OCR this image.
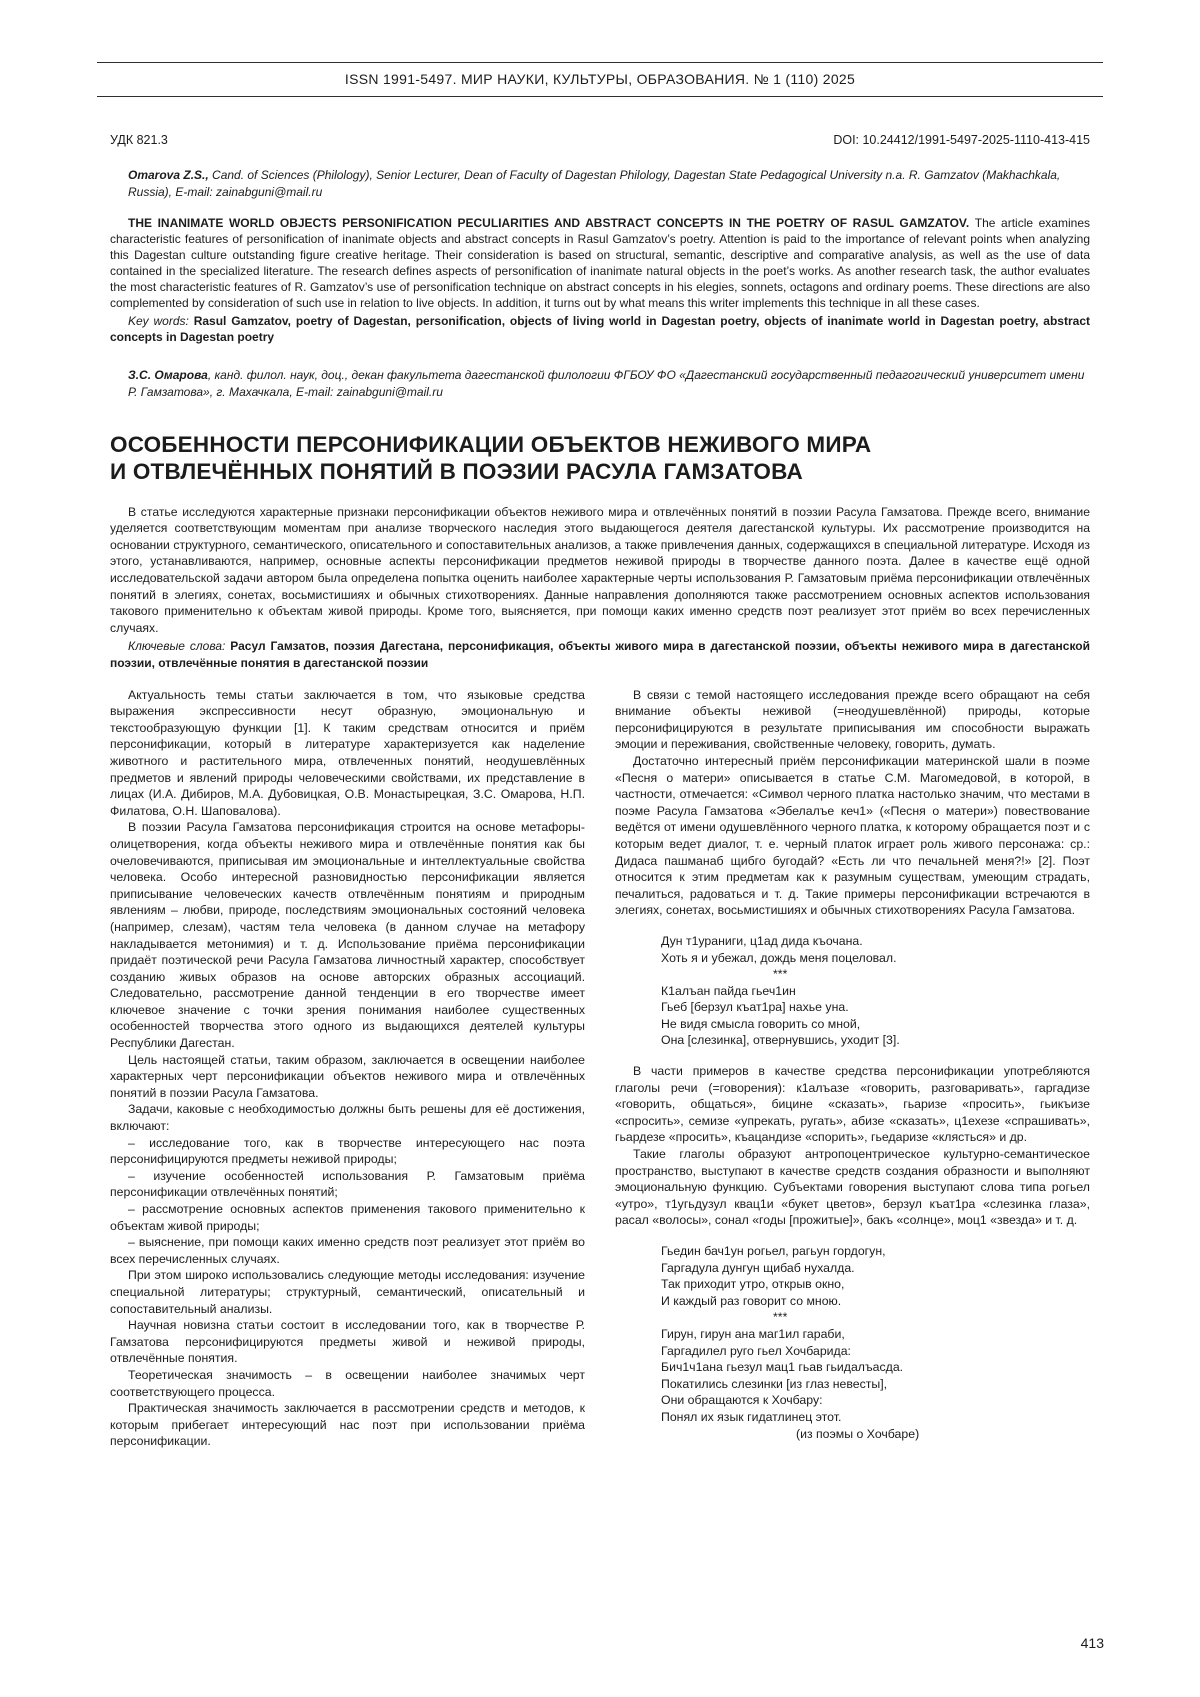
ISSN 1991-5497. МИР НАУКИ, КУЛЬТУРЫ, ОБРАЗОВАНИЯ. № 1 (110) 2025
УДК 821.3	DOI: 10.24412/1991-5497-2025-1110-413-415

Omarova Z.S., Cand. of Sciences (Philology), Senior Lecturer, Dean of Faculty of Dagestan Philology, Dagestan State Pedagogical University n.a. R. Gamzatov (Makhachkala, Russia), E-mail: zainabguni@mail.ru

THE INANIMATE WORLD OBJECTS PERSONIFICATION PECULIARITIES AND ABSTRACT CONCEPTS IN THE POETRY OF RASUL GAMZATOV. The article examines characteristic features of personification of inanimate objects and abstract concepts in Rasul Gamzatov’s poetry. Attention is paid to the importance of relevant points when analyzing this Dagestan culture outstanding figure creative heritage. Their consideration is based on structural, semantic, descriptive and comparative analysis, as well as the use of data contained in the specialized literature. The research defines aspects of personification of inanimate natural objects in the poet’s works. As another research task, the author evaluates the most characteristic features of R. Gamzatov’s use of personification technique on abstract concepts in his elegies, sonnets, octagons and ordinary poems. These directions are also complemented by consideration of such use in relation to live objects. In addition, it turns out by what means this writer implements this technique in all these cases.

Key words: Rasul Gamzatov, poetry of Dagestan, personification, objects of living world in Dagestan poetry, objects of inanimate world in Dagestan poetry, abstract concepts in Dagestan poetry

З.С. Омарова, канд. филол. наук, доц., декан факультета дагестанской филологии ФГБОУ ФО «Дагестанский государственный педагогический университет имени Р. Гамзатова», г. Махачкала, E-mail: zainabguni@mail.ru

ОСОБЕННОСТИ ПЕРСОНИФИКАЦИИ ОБЪЕКТОВ НЕЖИВОГО МИРА
И ОТВЛЕЧЁННЫХ ПОНЯТИЙ В ПОЭЗИИ РАСУЛА ГАМЗАТОВА

В статье исследуются характерные признаки персонификации объектов неживого мира и отвлечённых понятий в поэзии Расула Гамзатова. Прежде всего, внимание уделяется соответствующим моментам при анализе творческого наследия этого выдающегося деятеля дагестанской культуры. Их рассмотрение производится на основании структурного, семантического, описательного и сопоставительных анализов, а также привлечения данных, содержащихся в специальной литературе. Исходя из этого, устанавливаются, например, основные аспекты персонификации предметов неживой природы в творчестве данного поэта. Далее в качестве ещё одной исследовательской задачи автором была определена попытка оценить наиболее характерные черты использования Р. Гамзатовым приёма персонификации отвлечённых понятий в элегиях, сонетах, восьмистишиях и обычных стихотворениях. Данные направления дополняются также рассмотрением основных аспектов использования такового применительно к объектам живой природы. Кроме того, выясняется, при помощи каких именно средств поэт реализует этот приём во всех перечисленных случаях.

Ключевые слова: Расул Гамзатов, поэзия Дагестана, персонификация, объекты живого мира в дагестанской поэзии, объекты неживого мира в дагестанской поэзии, отвлечённые понятия в дагестанской поэзии

Актуальность темы статьи заключается в том, что языковые средства выражения экспрессивности несут образную, эмоциональную и текстообразующую функции [1]. К таким средствам относится и приём персонификации, который в литературе характеризуется как наделение животного и растительного мира, отвлеченных понятий, неодушевлённых предметов и явлений природы человеческими свойствами, их представление в лицах (И.А. Дибиров, М.А. Дубовицкая, О.В. Монастырецкая, З.С. Омарова, Н.П. Филатова, О.Н. Шаповалова).

В поэзии Расула Гамзатова персонификация строится на основе метафоры-олицетворения, когда объекты неживого мира и отвлечённые понятия как бы очеловечиваются, приписывая им эмоциональные и интеллектуальные свойства человека. Особо интересной разновидностью персонификации является приписывание человеческих качеств отвлечённым понятиям и природным явлениям – любви, природе, последствиям эмоциональных состояний человека (например, слезам), частям тела человека (в данном случае на метафору накладывается метонимия) и т. д. Использование приёма персонификации придаёт поэтической речи Расула Гамзатова личностный характер, способствует созданию живых образов на основе авторских образных ассоциаций. Следовательно, рассмотрение данной тенденции в его творчестве имеет ключевое значение с точки зрения понимания наиболее существенных особенностей творчества этого одного из выдающихся деятелей культуры Республики Дагестан.

Цель настоящей статьи, таким образом, заключается в освещении наиболее характерных черт персонификации объектов неживого мира и отвлечённых понятий в поэзии Расула Гамзатова.

Задачи, каковые с необходимостью должны быть решены для её достижения, включают:

– исследование того, как в творчестве интересующего нас поэта персонифицируются предметы неживой природы;

– изучение особенностей использования Р. Гамзатовым приёма персонификации отвлечённых понятий;

– рассмотрение основных аспектов применения такового применительно к объектам живой природы;

– выяснение, при помощи каких именно средств поэт реализует этот приём во всех перечисленных случаях.

При этом широко использовались следующие методы исследования: изучение специальной литературы; структурный, семантический, описательный и сопоставительный анализы.

Научная новизна статьи состоит в исследовании того, как в творчестве Р. Гамзатова персонифицируются предметы живой и неживой природы, отвлечённые понятия.

Теоретическая значимость – в освещении наиболее значимых черт соответствующего процесса.

Практическая значимость заключается в рассмотрении средств и методов, к которым прибегает интересующий нас поэт при использовании приёма персонификации.

В связи с темой настоящего исследования прежде всего обращают на себя внимание объекты неживой (=неодушевлённой) природы, которые персонифицируются в результате приписывания им способности выражать эмоции и переживания, свойственные человеку, говорить, думать.

Достаточно интересный приём персонификации материнской шали в поэме «Песня о матери» описывается в статье С.М. Магомедовой, в которой, в частности, отмечается: «Символ черного платка настолько значим, что местами в поэме Расула Гамзатова «Эбелалъе кеч1» («Песня о матери») повествование ведётся от имени одушевлённого черного платка, к которому обращается поэт и с которым ведет диалог, т. е. черный платок играет роль живого персонажа: ср.: Дидаса пашманаб щибго бугодай? «Есть ли что печальней меня?!» [2]. Поэт относится к этим предметам как к разумным существам, умеющим страдать, печалиться, радоваться и т. д. Такие примеры персонификации встречаются в элегиях, сонетах, восьмистишиях и обычных стихотворениях Расула Гамзатова.

Дун т1ураниги, ц1ад дида къочана.
Хоть я и убежал, дождь меня поцеловал.
***
К1алъан пайда гьеч1ин
Гьеб [берзул къат1ра] нахье уна.
Не видя смысла говорить со мной,
Она [слезинка], отвернувшись, уходит [3].

В части примеров в качестве средства персонификации употребляются глаголы речи (=говорения): к1алъазе «говорить, разговаривать», гаргадизе «говорить, общаться», бицине «сказать», гьаризе «просить», гьикъизе «спросить», семизе «упрекать, ругать», абизе «сказать», ц1ехезе «спрашивать», гьардезе «просить», къацандизе «спорить», гьедаризе «клясться» и др.

Такие глаголы образуют антропоцентрическое культурно-семантическое пространство, выступают в качестве средств создания образности и выполняют эмоциональную функцию. Субъектами говорения выступают слова типа рогьел «утро», т1угьдузул квац1и «букет цветов», берзул къат1ра «слезинка глаза», расал «волосы», сонал «годы [прожитые]», бакъ «солнце», моц1 «звезда» и т. д.

Гьедин бач1ун рогьел, рагьун гордогун,
Гаргадула дунгун щибаб нухалда.
Так приходит утро, открыв окно,
И каждый раз говорит со мною.
***
Гирун, гирун ана маг1ил гараби,
Гаргадилел руго гьел Хочбарида:
Бич1ч1ана гьезул мац1 гьав гьидалъасда.
Покатились слезинки [из глаз невесты],
Они обращаются к Хочбару:
Понял их язык гидатлинец этот.
(из поэмы о Хочбаре)
413
